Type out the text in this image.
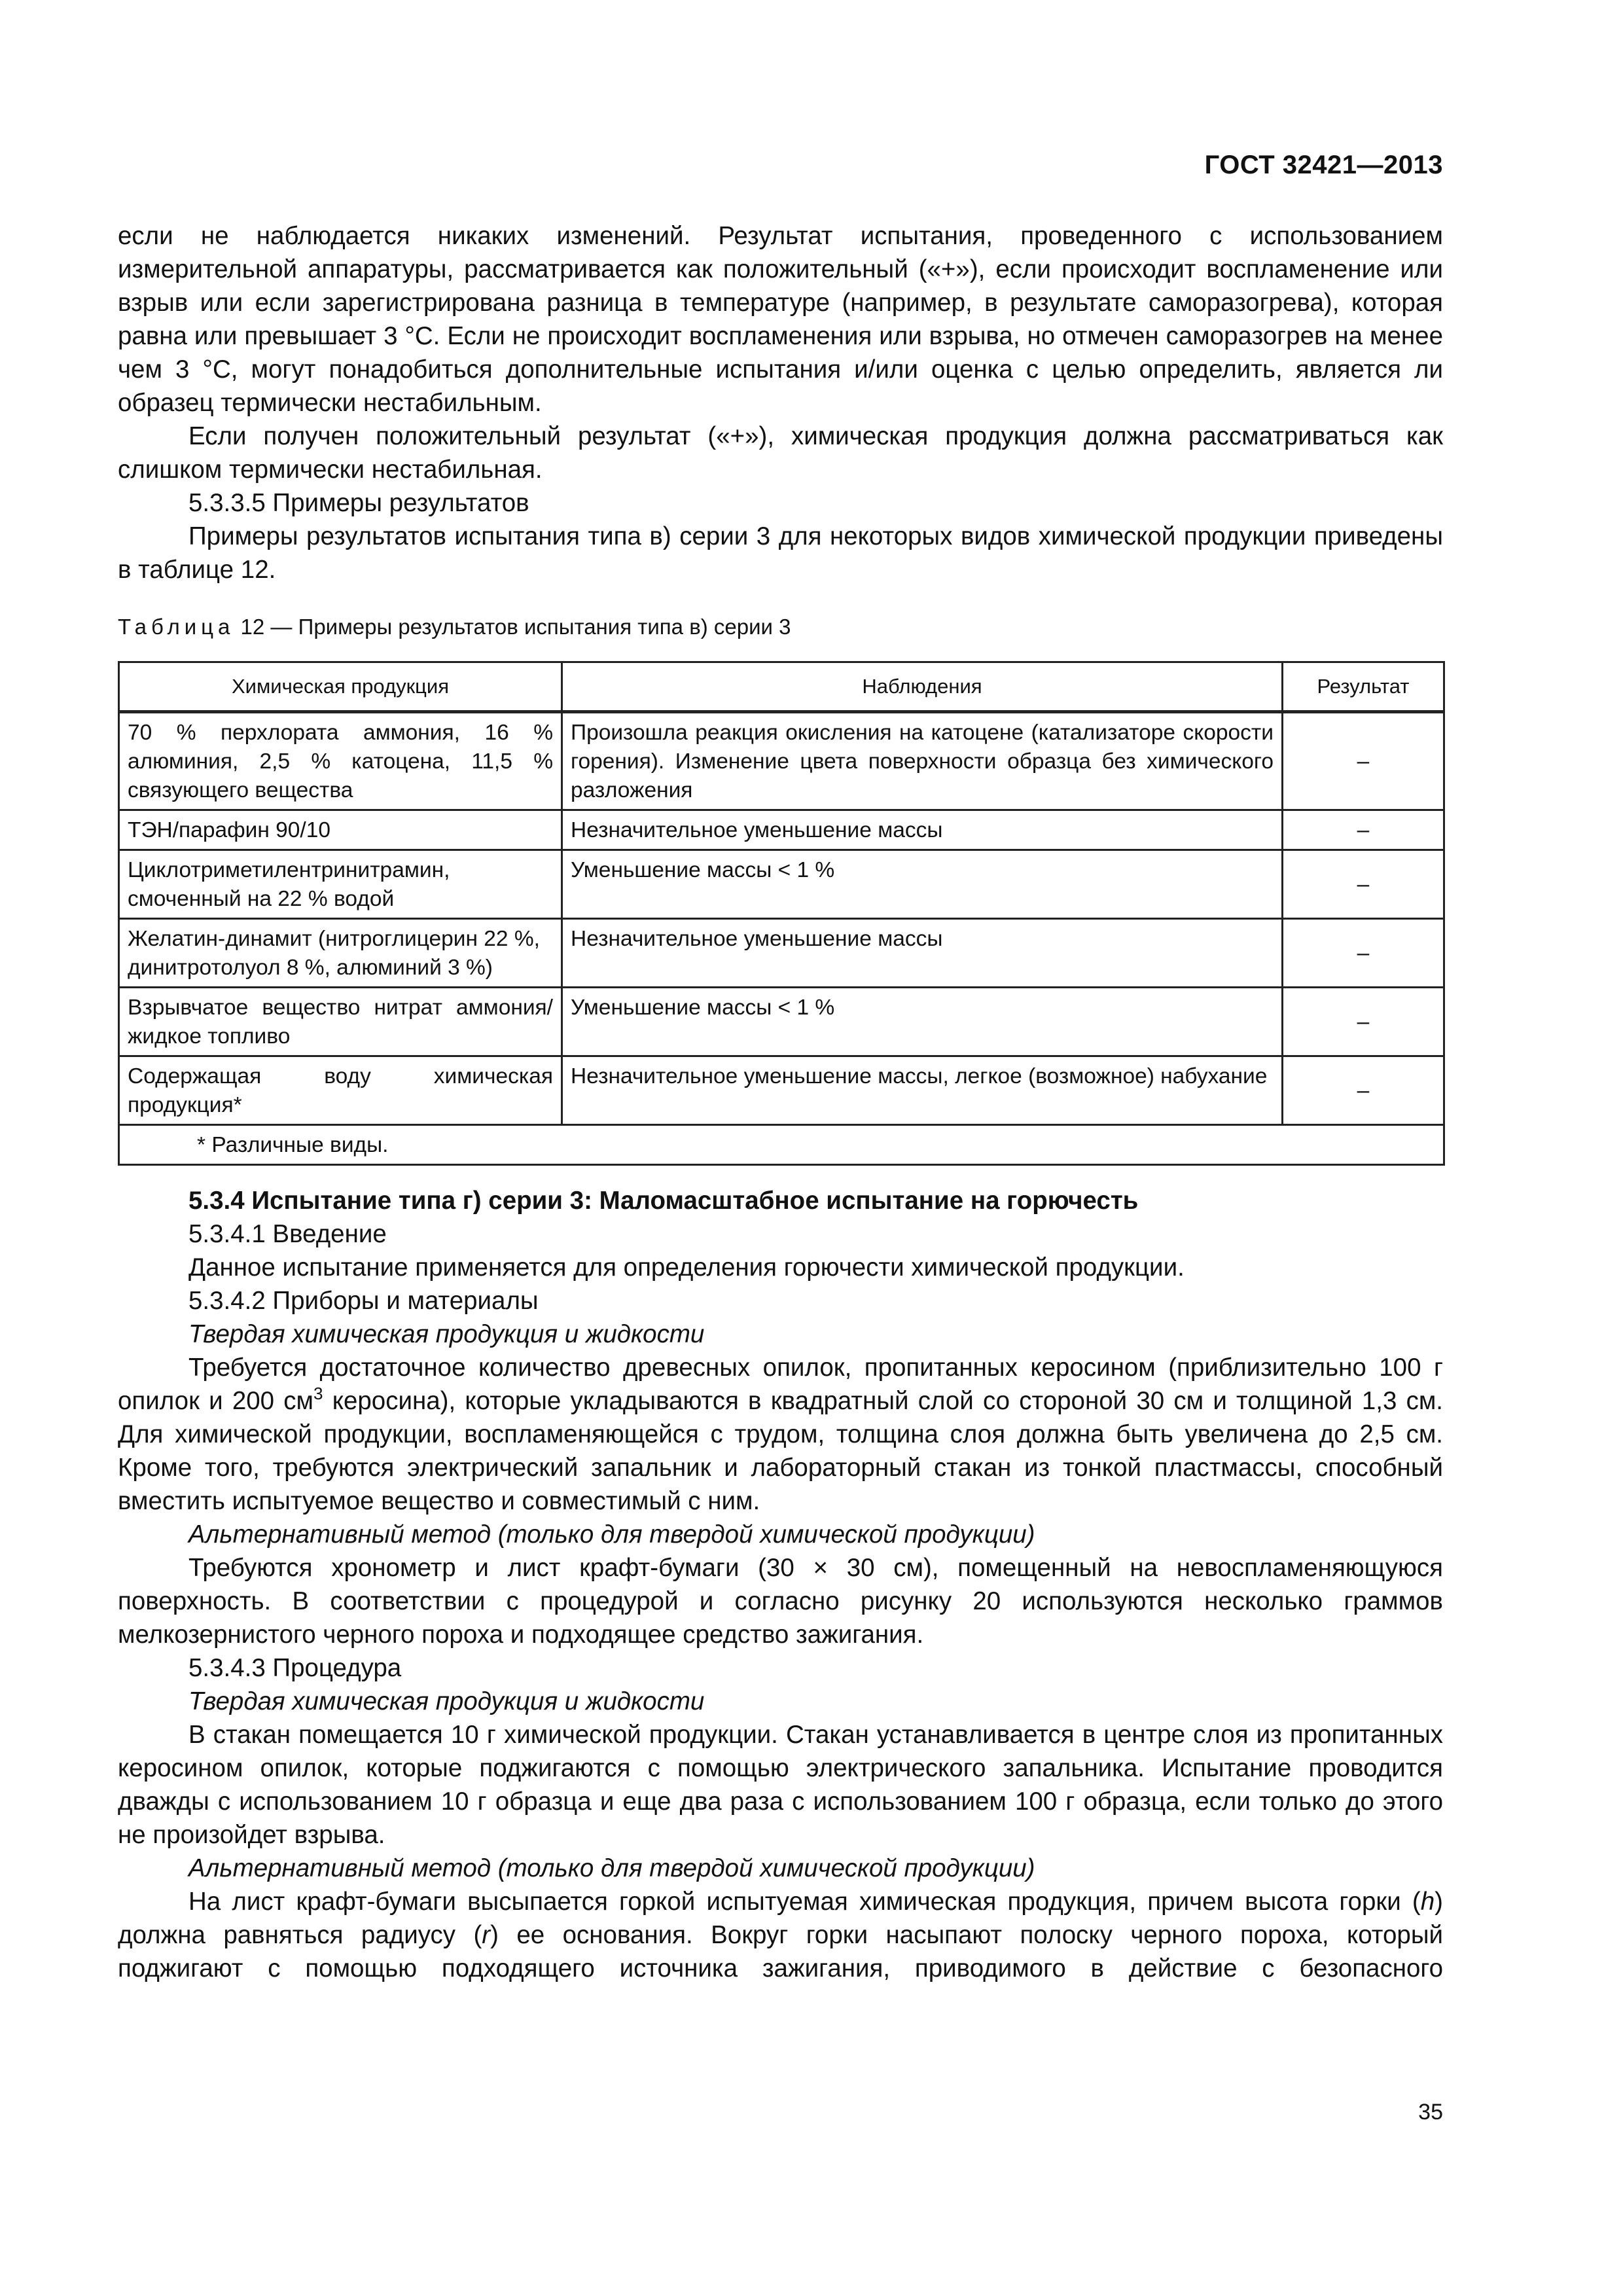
ГОСТ 32421—2013

если не наблюдается никаких изменений. Результат испытания, проведенного с использованием измерительной аппаратуры, рассматривается как положительный («+»), если происходит воспламенение или взрыв или если зарегистрирована разница в температуре (например, в результате саморазогрева), которая равна или превышает 3 °С. Если не происходит воспламенения или взрыва, но отмечен саморазогрев на менее чем 3 °С, могут понадобиться дополнительные испытания и/или оценка с целью определить, является ли образец термически нестабильным.

Если получен положительный результат («+»), химическая продукция должна рассматриваться как слишком термически нестабильная.

5.3.3.5 Примеры результатов

Примеры результатов испытания типа в) серии 3 для некоторых видов химической продукции приведены в таблице 12.

Таблица 12 — Примеры результатов испытания типа в) серии 3
Химическая продукция	Наблюдения	Результат

70 % перхлората аммония, 16 % алюминия, 2,5 % катоцена, 11,5 % связующего вещества	Произошла реакция окисления на катоцене (катализаторе скорости горения). Изменение цвета поверхности образца без химического разложения	–

ТЭН/парафин 90/10	Незначительное уменьшение массы	–

Циклотриметилентринитрамин, смоченный на 22 % водой	Уменьшение массы < 1 %	–

Желатин-динамит (нитроглицерин 22 %, динитротолуол 8 %, алюминий 3 %)	Незначительное уменьшение массы	–

Взрывчатое вещество нитрат аммония/жидкое топливо	Уменьшение массы < 1 %	–

Содержащая воду химическая продукция*	Незначительное уменьшение массы, легкое (возможное) набухание	–
* Различные виды.		

5.3.4 Испытание типа г) серии 3: Маломасштабное испытание на горючесть

5.3.4.1 Введение

Данное испытание применяется для определения горючести химической продукции.

5.3.4.2 Приборы и материалы

Твердая химическая продукция и жидкости

Требуется достаточное количество древесных опилок, пропитанных керосином (приблизительно 100 г опилок и 200 $см^3$ керосина), которые укладываются в квадратный слой со стороной 30 см и толщиной 1,3 см. Для химической продукции, воспламеняющейся с трудом, толщина слоя должна быть увеличена до 2,5 см. Кроме того, требуются электрический запальник и лабораторный стакан из тонкой пластмассы, способный вместить испытуемое вещество и совместимый с ним.

Альтернативный метод (только для твердой химической продукции)

Требуются хронометр и лист крафт-бумаги (30 × 30 см), помещенный на невоспламеняющуюся поверхность. В соответствии с процедурой и согласно рисунку 20 используются несколько граммов мелкозернистого черного пороха и подходящее средство зажигания.

5.3.4.3 Процедура

Твердая химическая продукция и жидкости

В стакан помещается 10 г химической продукции. Стакан устанавливается в центре слоя из пропитанных керосином опилок, которые поджигаются с помощью электрического запальника. Испытание проводится дважды с использованием 10 г образца и еще два раза с использованием 100 г образца, если только до этого не произойдет взрыва.

Альтернативный метод (только для твердой химической продукции)

На лист крафт-бумаги высыпается горкой испытуемая химическая продукция, причем высота горки (h) должна равняться радиусу (r) ее основания. Вокруг горки насыпают полоску черного пороха, который поджигают с помощью подходящего источника зажигания, приводимого в действие с безопасного

35
